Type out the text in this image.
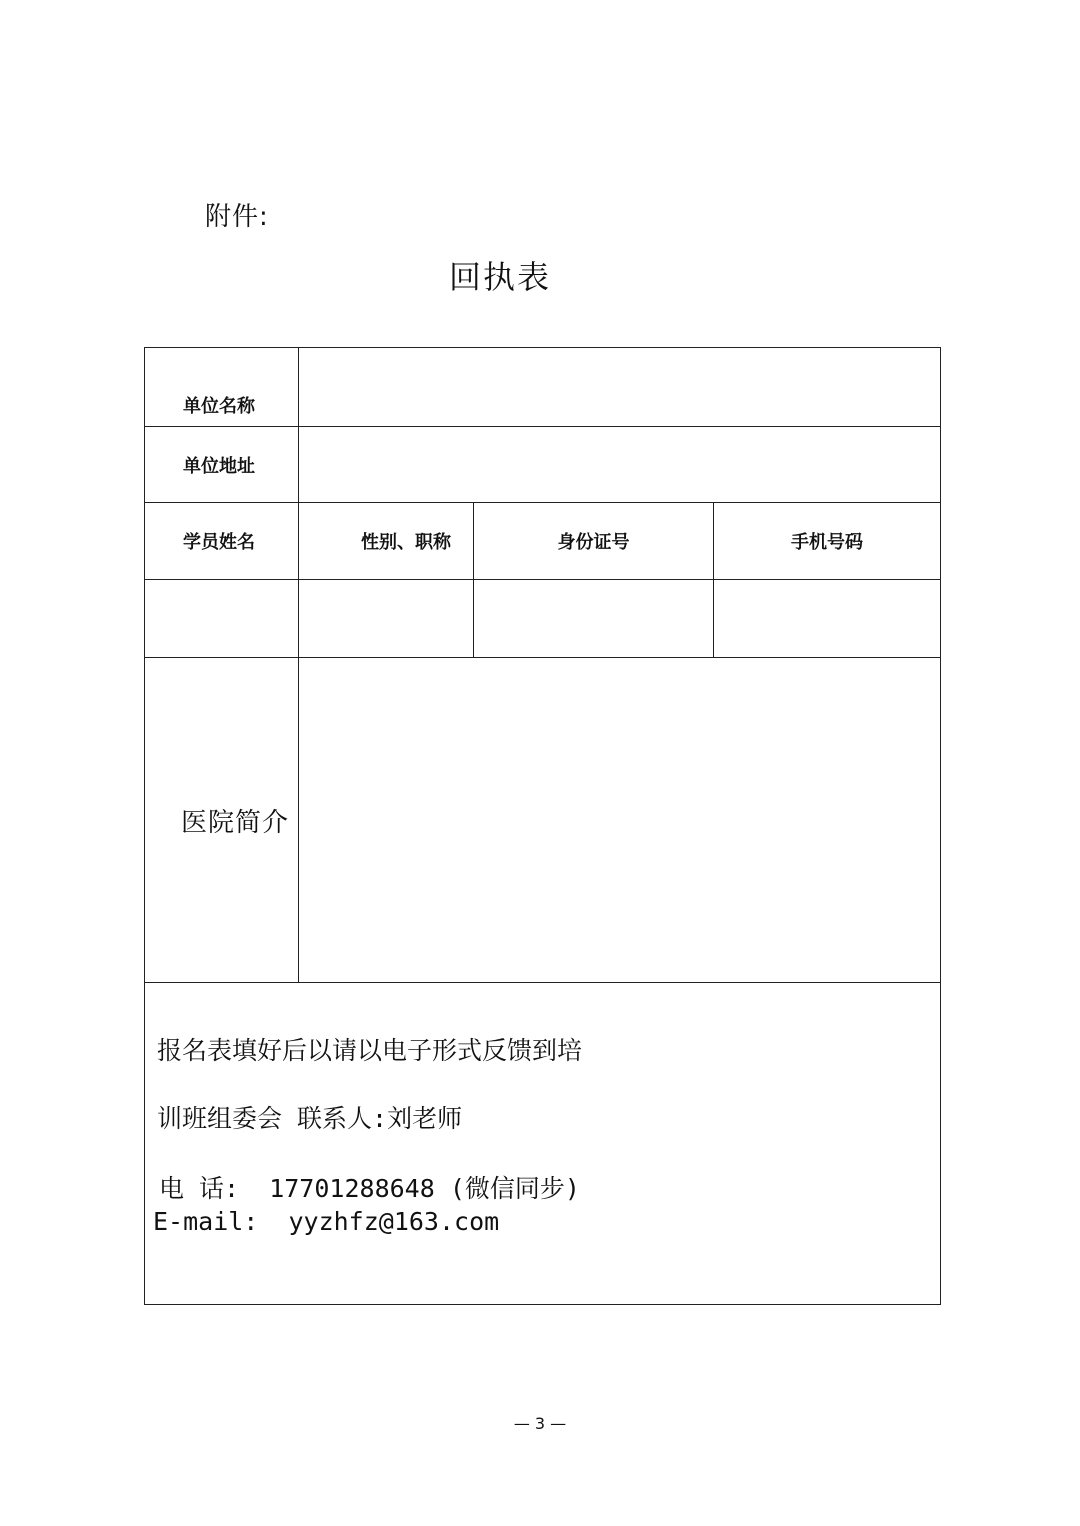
附件:
回执表
单位名称			
单位地址			
学员姓名	性别、职称	身份证号	手机号码

医院简介			

报名表填好后以请以电子形式反馈到培
训班组委会 联系人:刘老师
电 话:  17701288648 (微信同步)
E-mail:  yyzhfz@163.com			
— 3 —
